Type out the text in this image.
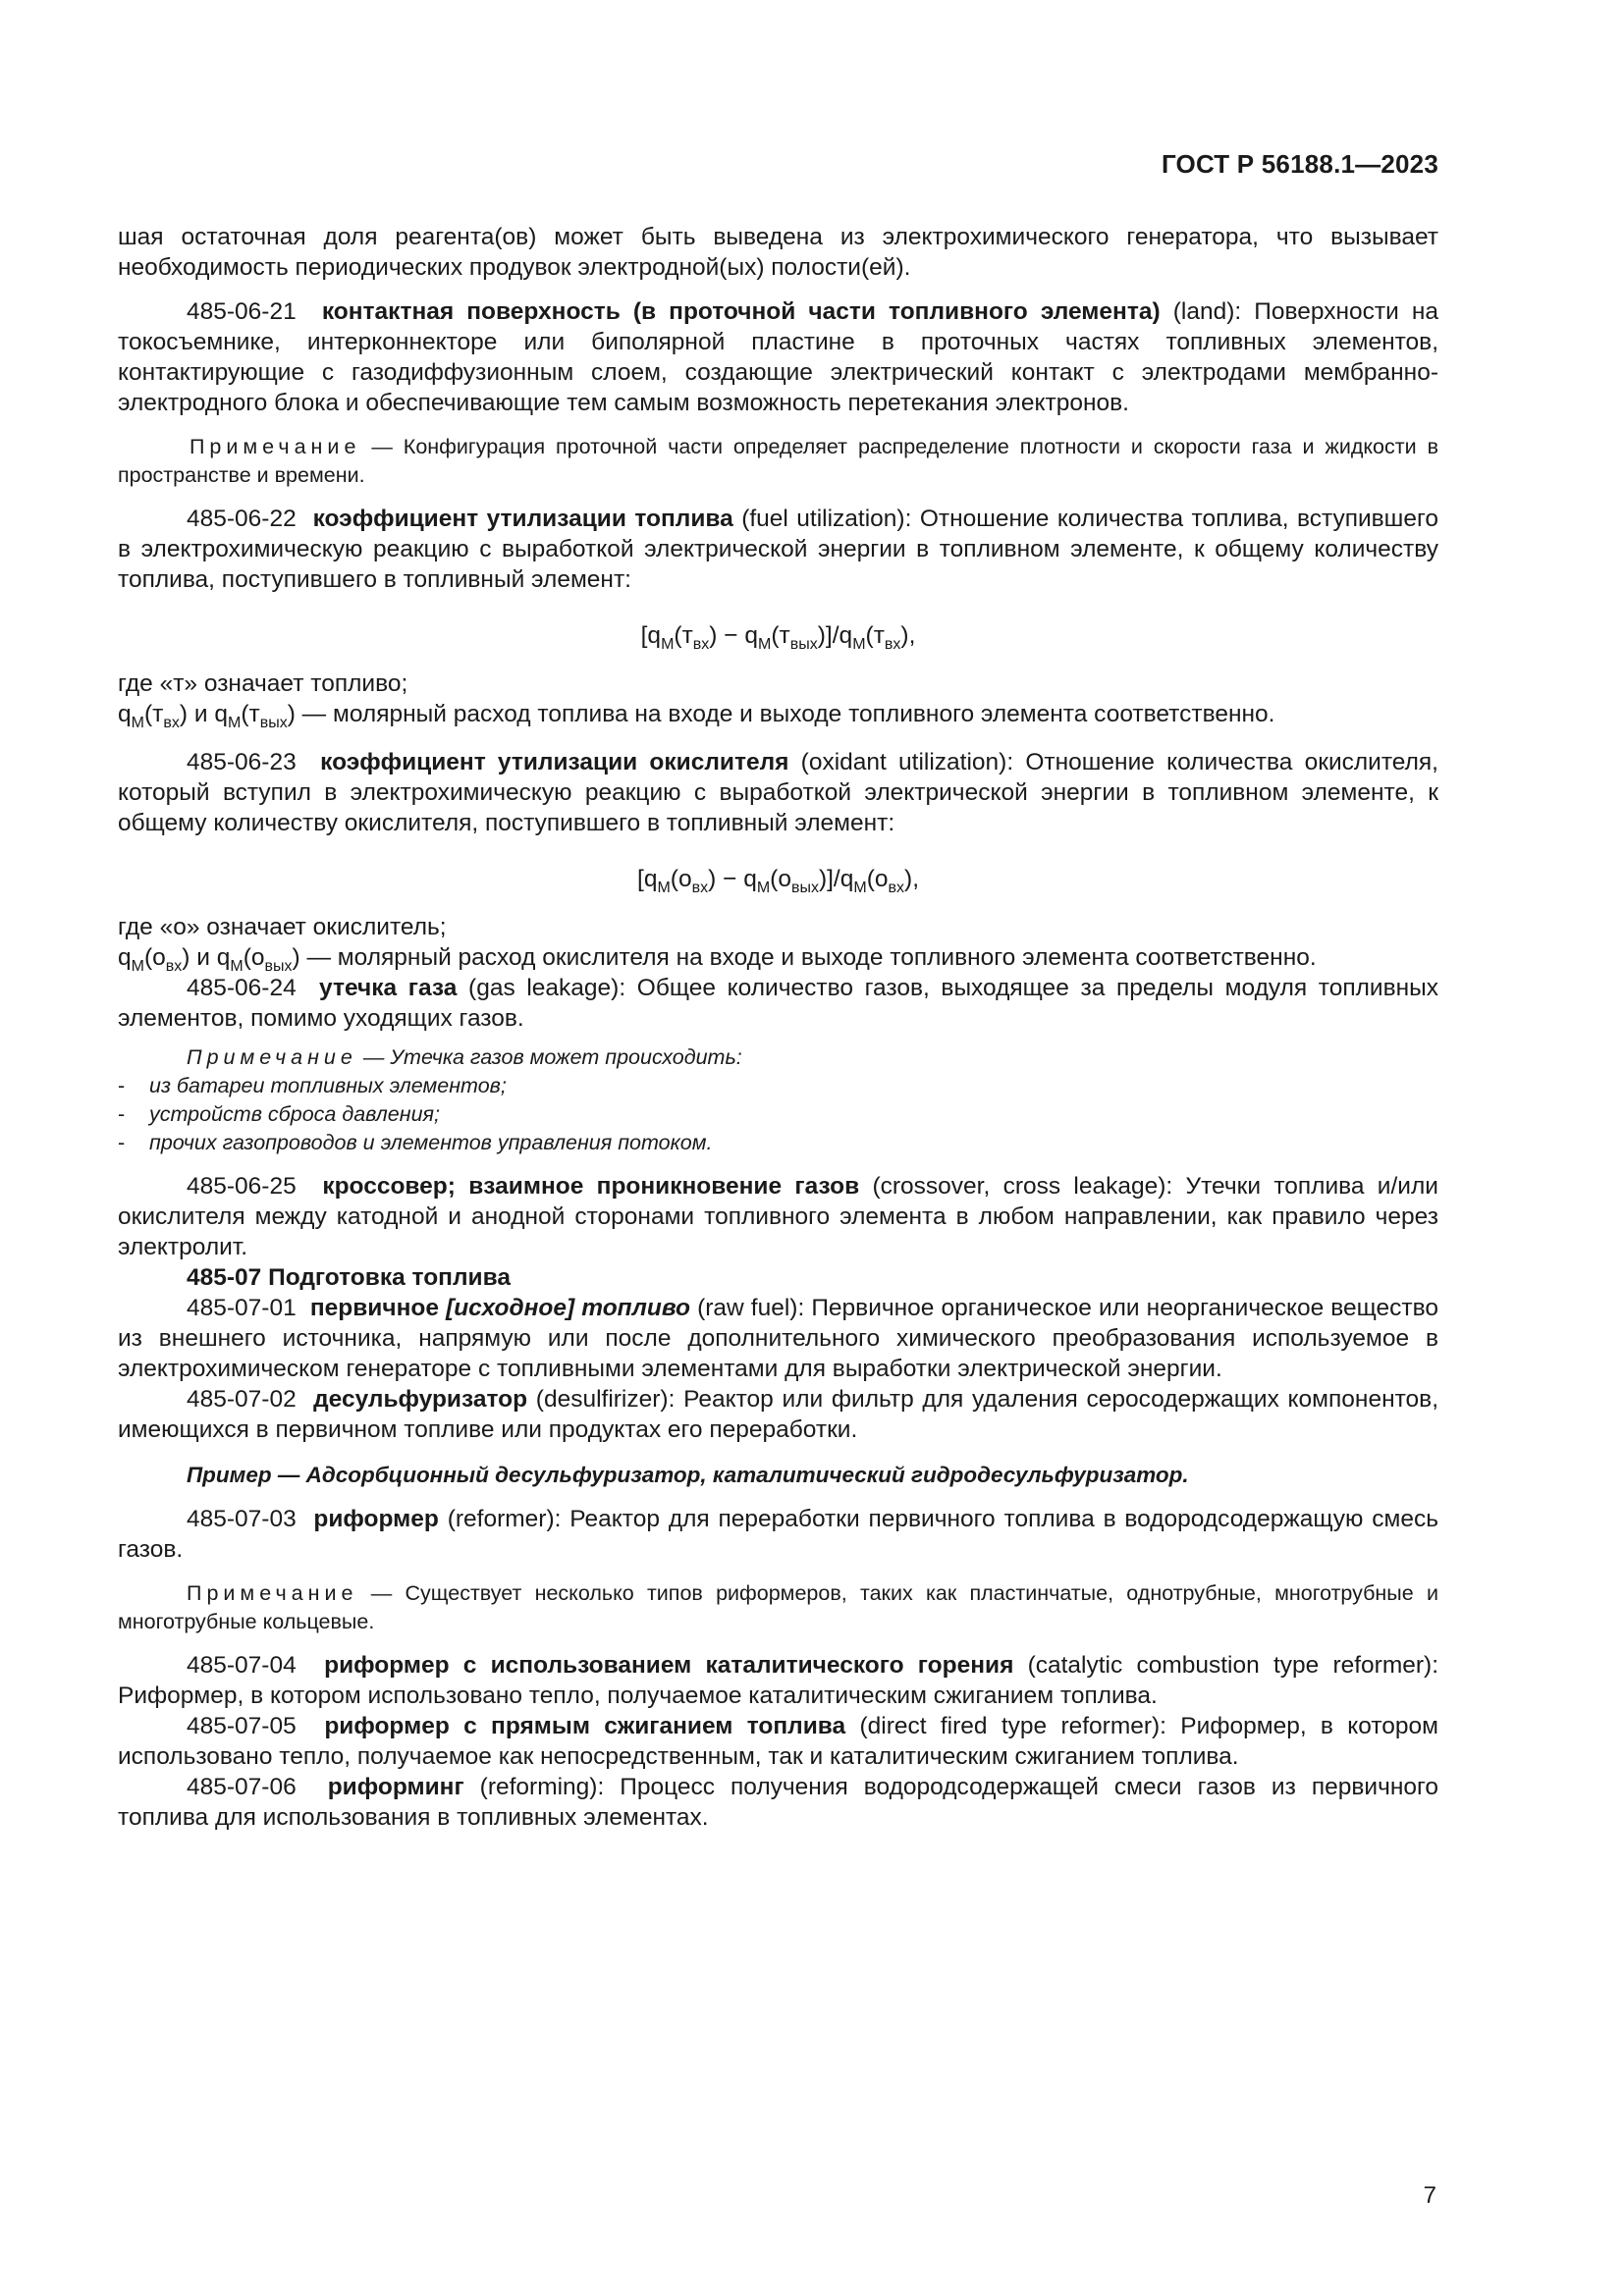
ГОСТ Р 56188.1—2023

шая остаточная доля реагента(ов) может быть выведена из электрохимического генератора, что вызывает необходимость периодических продувок электродной(ых) полости(ей).

485-06-21 контактная поверхность (в проточной части топливного элемента) (land): Поверхности на токосъемнике, интерконнекторе или биполярной пластине в проточных частях топливных элементов, контактирующие с газодиффузионным слоем, создающие электрический контакт с электродами мембранно-электродного блока и обеспечивающие тем самым возможность перетекания электронов.

Примечание — Конфигурация проточной части определяет распределение плотности и скорости газа и жидкости в пространстве и времени.

485-06-22 коэффициент утилизации топлива (fuel utilization): Отношение количества топлива, вступившего в электрохимическую реакцию с выработкой электрической энергии в топливном элементе, к общему количеству топлива, поступившего в топливный элемент:

$[q_М(т_{вх}) - q_М(т_{вых})]/q_М(т_{вх})$,

где «т» означает топливо;

$q_М(т_{вх})$ и $q_М(т_{вых})$ — молярный расход топлива на входе и выходе топливного элемента соответственно.

485-06-23 коэффициент утилизации окислителя (oxidant utilization): Отношение количества окислителя, который вступил в электрохимическую реакцию с выработкой электрической энергии в топливном элементе, к общему количеству окислителя, поступившего в топливный элемент:

$[q_М(о_{вх}) - q_М(о_{вых})]/q_М(о_{вх})$,

где «о» означает окислитель;

$q_М(о_{вх})$ и $q_М(о_{вых})$ — молярный расход окислителя на входе и выходе топливного элемента соответственно.

485-06-24 утечка газа (gas leakage): Общее количество газов, выходящее за пределы модуля топливных элементов, помимо уходящих газов.

Примечание — Утечка газов может происходить:
-	из батареи топливных элементов;
-	устройств сброса давления;
-	прочих газопроводов и элементов управления потоком.

485-06-25 кроссовер; взаимное проникновение газов (crossover, cross leakage): Утечки топлива и/или окислителя между катодной и анодной сторонами топливного элемента в любом направлении, как правило через электролит.

485-07 Подготовка топлива

485-07-01 первичное [исходное] топливо (raw fuel): Первичное органическое или неорганическое вещество из внешнего источника, напрямую или после дополнительного химического преобразования используемое в электрохимическом генераторе с топливными элементами для выработки электрической энергии.

485-07-02 десульфуризатор (desulfirizer): Реактор или фильтр для удаления серосодержащих компонентов, имеющихся в первичном топливе или продуктах его переработки.

Пример — Адсорбционный десульфуризатор, каталитический гидродесульфуризатор.

485-07-03 риформер (reformer): Реактор для переработки первичного топлива в водородсодержащую смесь газов.

Примечание — Существует несколько типов риформеров, таких как пластинчатые, однотрубные, многотрубные и многотрубные кольцевые.

485-07-04 риформер с использованием каталитического горения (catalytic combustion type reformer): Риформер, в котором использовано тепло, получаемое каталитическим сжиганием топлива.

485-07-05 риформер с прямым сжиганием топлива (direct fired type reformer): Риформер, в котором использовано тепло, получаемое как непосредственным, так и каталитическим сжиганием топлива.

485-07-06 риформинг (reforming): Процесс получения водородсодержащей смеси газов из первичного топлива для использования в топливных элементах.

7
